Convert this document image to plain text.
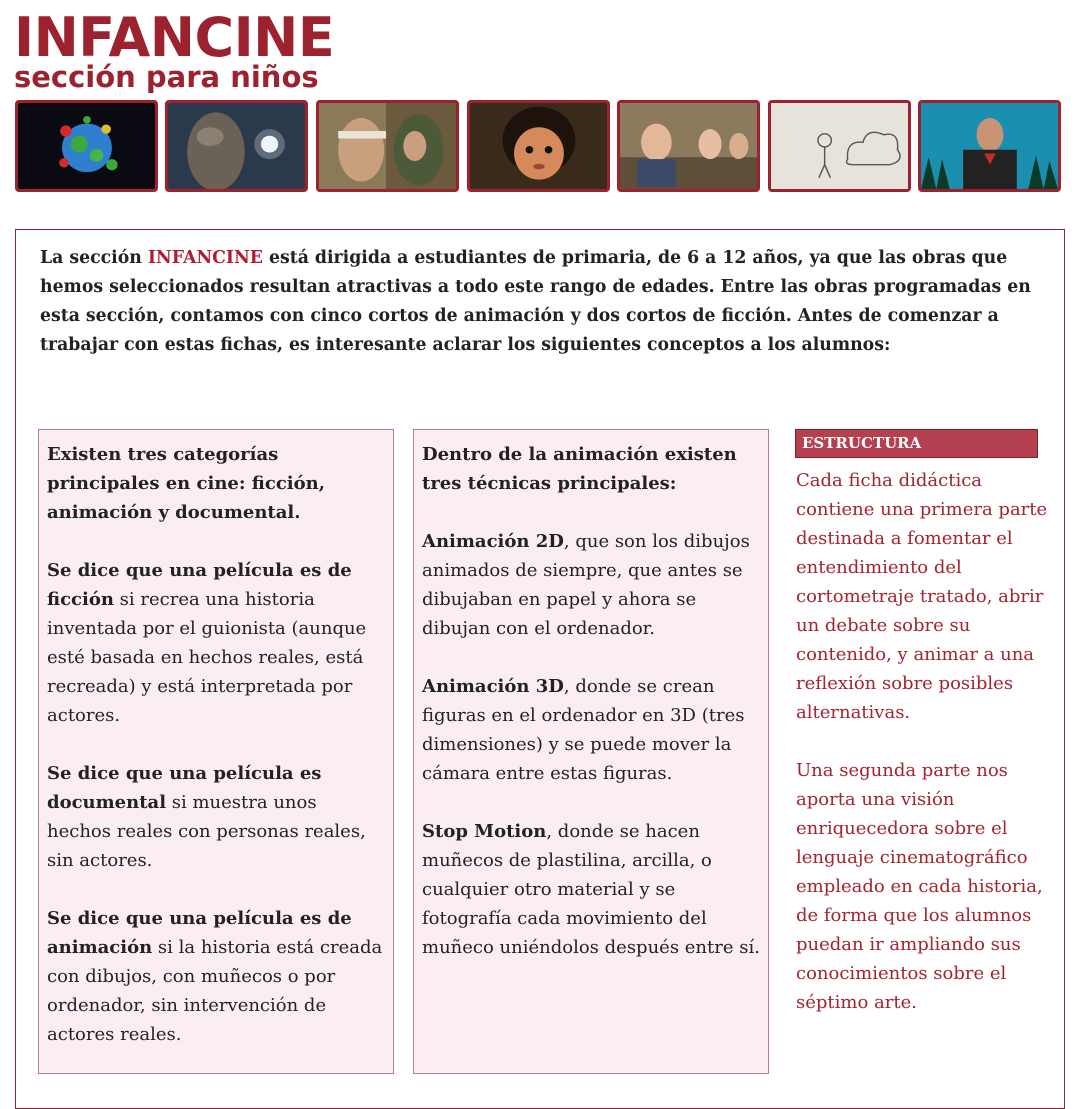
INFANCINE
sección para niños
La sección INFANCINE está dirigida a estudiantes de primaria, de 6 a 12 años, ya que las obras que hemos seleccionados resultan atractivas a todo este rango de edades. Entre las obras programadas en esta sección, contamos con cinco cortos de animación y dos cortos de ficción. Antes de comenzar a trabajar con estas fichas, es interesante aclarar los siguientes conceptos a los alumnos:

Existen tres categorías principales en cine: ficción, animación y documental.

Se dice que una película es de ficción si recrea una historia inventada por el guionista (aunque esté basada en hechos reales, está recreada) y está interpretada por actores.

Se dice que una película es documental si muestra unos hechos reales con personas reales, sin actores.

Se dice que una película es de animación si la historia está creada con dibujos, con muñecos o por ordenador, sin intervención de actores reales.

Dentro de la animación existen tres técnicas principales:

Animación 2D, que son los dibujos animados de siempre, que antes se dibujaban en papel y ahora se dibujan con el ordenador.

Animación 3D, donde se crean figuras en el ordenador en 3D (tres dimensiones) y se puede mover la cámara entre estas figuras.

Stop Motion, donde se hacen muñecos de plastilina, arcilla, o cualquier otro material y se fotografía cada movimiento del muñeco uniéndolos después entre sí.

ESTRUCTURA

Cada ficha didáctica contiene una primera parte destinada a fomentar el entendimiento del cortometraje tratado, abrir un debate sobre su contenido, y animar a una reflexión sobre posibles alternativas.

Una segunda parte nos aporta una visión enriquecedora sobre el lenguaje cinematográfico empleado en cada historia, de forma que los alumnos puedan ir ampliando sus conocimientos sobre el séptimo arte.
